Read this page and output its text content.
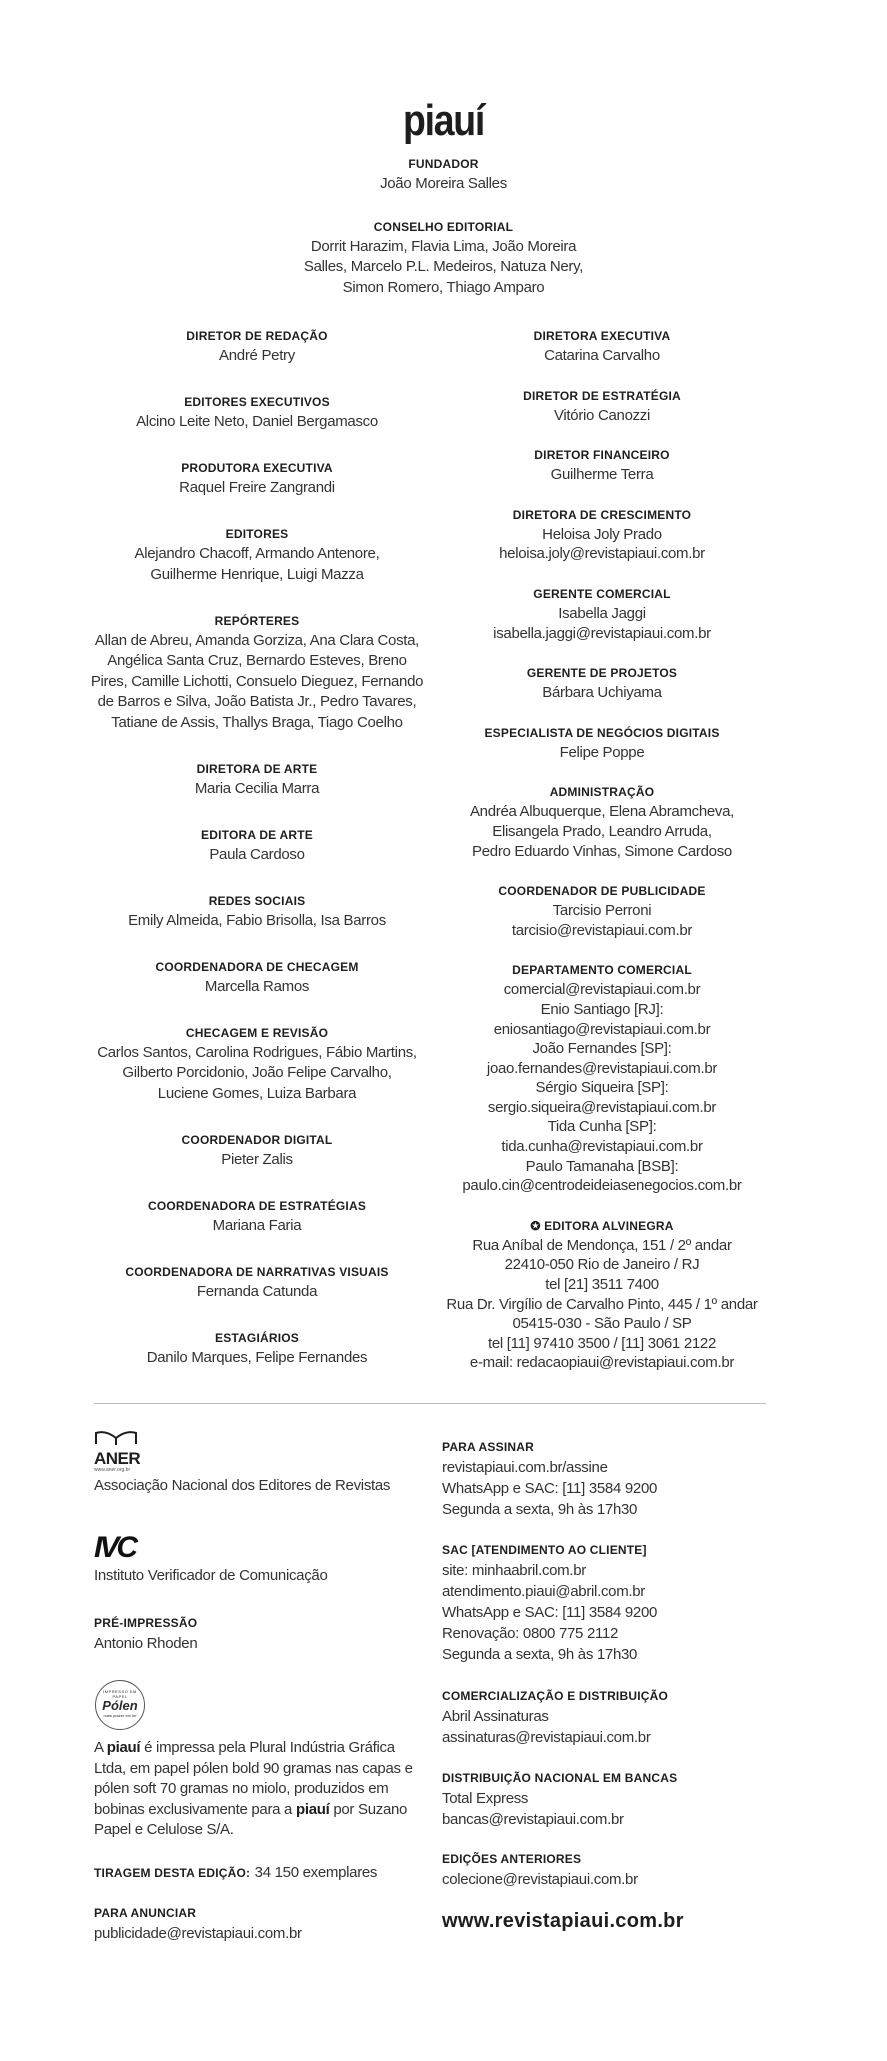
piauí
FUNDADOR
João Moreira Salles
CONSELHO EDITORIAL
Dorrit Harazim, Flavia Lima, João Moreira
Salles, Marcelo P.L. Medeiros, Natuza Nery,
Simon Romero, Thiago Amparo
DIRETOR DE REDAÇÃO
André Petry
EDITORES EXECUTIVOS
Alcino Leite Neto, Daniel Bergamasco
PRODUTORA EXECUTIVA
Raquel Freire Zangrandi
EDITORES
Alejandro Chacoff, Armando Antenore,
Guilherme Henrique, Luigi Mazza
REPÓRTERES
Allan de Abreu, Amanda Gorziza, Ana Clara Costa,
Angélica Santa Cruz, Bernardo Esteves, Breno
Pires, Camille Lichotti, Consuelo Dieguez, Fernando
de Barros e Silva, João Batista Jr., Pedro Tavares,
Tatiane de Assis, Thallys Braga, Tiago Coelho
DIRETORA DE ARTE
Maria Cecilia Marra
EDITORA DE ARTE
Paula Cardoso
REDES SOCIAIS
Emily Almeida, Fabio Brisolla, Isa Barros
COORDENADORA DE CHECAGEM
Marcella Ramos
CHECAGEM E REVISÃO
Carlos Santos, Carolina Rodrigues, Fábio Martins,
Gilberto Porcidonio, João Felipe Carvalho,
Luciene Gomes, Luiza Barbara
COORDENADOR DIGITAL
Pieter Zalis
COORDENADORA DE ESTRATÉGIAS
Mariana Faria
COORDENADORA DE NARRATIVAS VISUAIS
Fernanda Catunda
ESTAGIÁRIOS
Danilo Marques, Felipe Fernandes
DIRETORA EXECUTIVA
Catarina Carvalho
DIRETOR DE ESTRATÉGIA
Vitório Canozzi
DIRETOR FINANCEIRO
Guilherme Terra
DIRETORA DE CRESCIMENTO
Heloisa Joly Prado
heloisa.joly@revistapiaui.com.br
GERENTE COMERCIAL
Isabella Jaggi
isabella.jaggi@revistapiaui.com.br
GERENTE DE PROJETOS
Bárbara Uchiyama
ESPECIALISTA DE NEGÓCIOS DIGITAIS
Felipe Poppe
ADMINISTRAÇÃO
Andréa Albuquerque, Elena Abramcheva,
Elisangela Prado, Leandro Arruda,
Pedro Eduardo Vinhas, Simone Cardoso
COORDENADOR DE PUBLICIDADE
Tarcisio Perroni
tarcisio@revistapiaui.com.br
DEPARTAMENTO COMERCIAL
comercial@revistapiaui.com.br
Enio Santiago [RJ]:
eniosantiago@revistapiaui.com.br
João Fernandes [SP]:
joao.fernandes@revistapiaui.com.br
Sérgio Siqueira [SP]:
sergio.siqueira@revistapiaui.com.br
Tida Cunha [SP]:
tida.cunha@revistapiaui.com.br
Paulo Tamanaha [BSB]:
paulo.cin@centrodeideiasenegocios.com.br
✪ EDITORA ALVINEGRA
Rua Aníbal de Mendonça, 151 / 2º andar
22410-050 Rio de Janeiro / RJ
tel [21] 3511 7400
Rua Dr. Virgílio de Carvalho Pinto, 445 / 1º andar
05415-030 - São Paulo / SP
tel [11] 97410 3500 / [11] 3061 2122
e-mail: redacaopiaui@revistapiaui.com.br
ANER
www.aner.org.br
Associação Nacional dos Editores de Revistas
IVC
Instituto Verificador de Comunicação
PRÉ-IMPRESSÃO
Antonio Rhoden
IMPRESSO EM PAPEL
Pólen
mais prazer em ler
A piauí é impressa pela Plural Indústria Gráfica Ltda, em papel pólen bold 90 gramas nas capas e pólen soft 70 gramas no miolo, produzidos em bobinas exclusivamente para a piauí por Suzano Papel e Celulose S/A.
TIRAGEM DESTA EDIÇÃO: 34 150 exemplares
PARA ANUNCIAR
publicidade@revistapiaui.com.br
PARA ASSINAR
revistapiaui.com.br/assine
WhatsApp e SAC: [11] 3584 9200
Segunda a sexta, 9h às 17h30
SAC [ATENDIMENTO AO CLIENTE]
site: minhaabril.com.br
atendimento.piaui@abril.com.br
WhatsApp e SAC: [11] 3584 9200
Renovação: 0800 775 2112
Segunda a sexta, 9h às 17h30
COMERCIALIZAÇÃO E DISTRIBUIÇÃO
Abril Assinaturas
assinaturas@revistapiaui.com.br
DISTRIBUIÇÃO NACIONAL EM BANCAS
Total Express
bancas@revistapiaui.com.br
EDIÇÕES ANTERIORES
colecione@revistapiaui.com.br
www.revistapiaui.com.br
